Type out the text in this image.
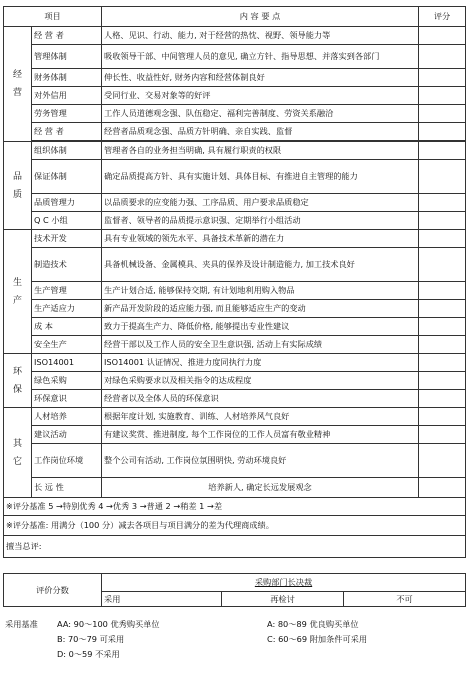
项目		内 容 要 点	评分

经
营	经 营 者	人格、见识、行动、能力, 对于经营的热忱、视野、领导能力等	
	管理体制	吸收领导干部、中间管理人员的意见, 确立方针、指导思想、并落实到各部门	
	财务体制	伸长性、收益性好, 财务内容和经营体制良好	
	对外信用	受同行业、交易对象等的好评	
	劳务管理	工作人员道德观念强、队伍稳定、福利完善制度、劳资关系融洽	
	经 营 者	经营者品质观念强、品质方针明确、亲自实践、监督	

品
质	组织体制	管理者各自的业务担当明确, 具有履行职责的权限	
	保证体制	确定品质提高方针、具有实施计划、具体目标、有推进自主管理的能力	
	品质管理力	以品质要求的应变能力强、工序品质、用户要求品质稳定	
	Q C 小组	监督者、领导者的品质提示意识强、定期举行小组活动	

生
产	技术开发	具有专业领域的领先水平、具备技术革新的潜在力	
	制造技术	具备机械设备、金属模具、夹具的保养及设计制造能力, 加工技术良好	
	生产管理	生产计划合适, 能够保持交期, 有计划地利用购入物品	
	生产适应力	新产品开发阶段的适应能力强, 而且能够适应生产的变动	
	成 本	致力于提高生产力、降低价格, 能够提出专业性建议	
	安全生产	经营干部以及工作人员的安全卫生意识强, 活动上有实际成绩	

环
保	ISO14001	ISO14001 认证情况、推进力度同执行力度	
	绿色采购	对绿色采购要求以及相关指令的达成程度	
	环保意识	经营者以及全体人员的环保意识	

其
它	人材培养	根据年度计划, 实施教育、训练、人材培养风气良好	
	建议活动	有建议奖赏、推进制度, 每个工作岗位的工作人员富有敬业精神	
	工作岗位环境	整个公司有活动, 工作岗位氛围明快, 劳动环境良好	
	长 远 性	培养新人, 确定长远发展观念	
※评分基准 5 →特别优秀 4 →优秀 3 →普通 2 →稍差 1 →差			
※评分基准: 用满分（100 分）减去各项目与项目满分的差为代理商成绩。			
擅当总评:			
评价分数	采购部门长决裁		
	采用	再检讨	不可
采用基准	AA: 90～100 优秀购买单位	A: 80～89 优良购买单位
	B: 70～79 可采用	C: 60～69 附加条件可采用
	D: 0～59 不采用	
